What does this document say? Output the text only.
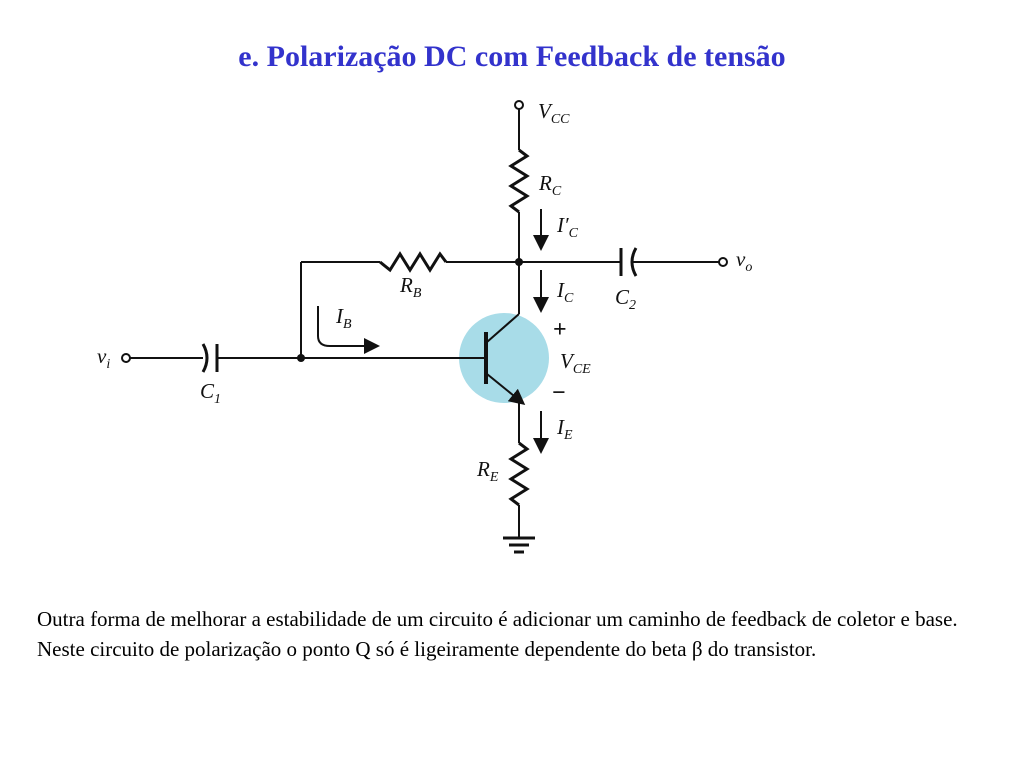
e. Polarização DC com Feedback de tensão
VCC
RC
I′C
vo
RB	IC C2
IB	+
VCE
vi
−
C1
IE
RE

Outra forma de melhorar a estabilidade de um circuito é adicionar um caminho de feedback de coletor e base. Neste circuito de polarização o ponto Q só é ligeiramente dependente do beta β do transistor.
